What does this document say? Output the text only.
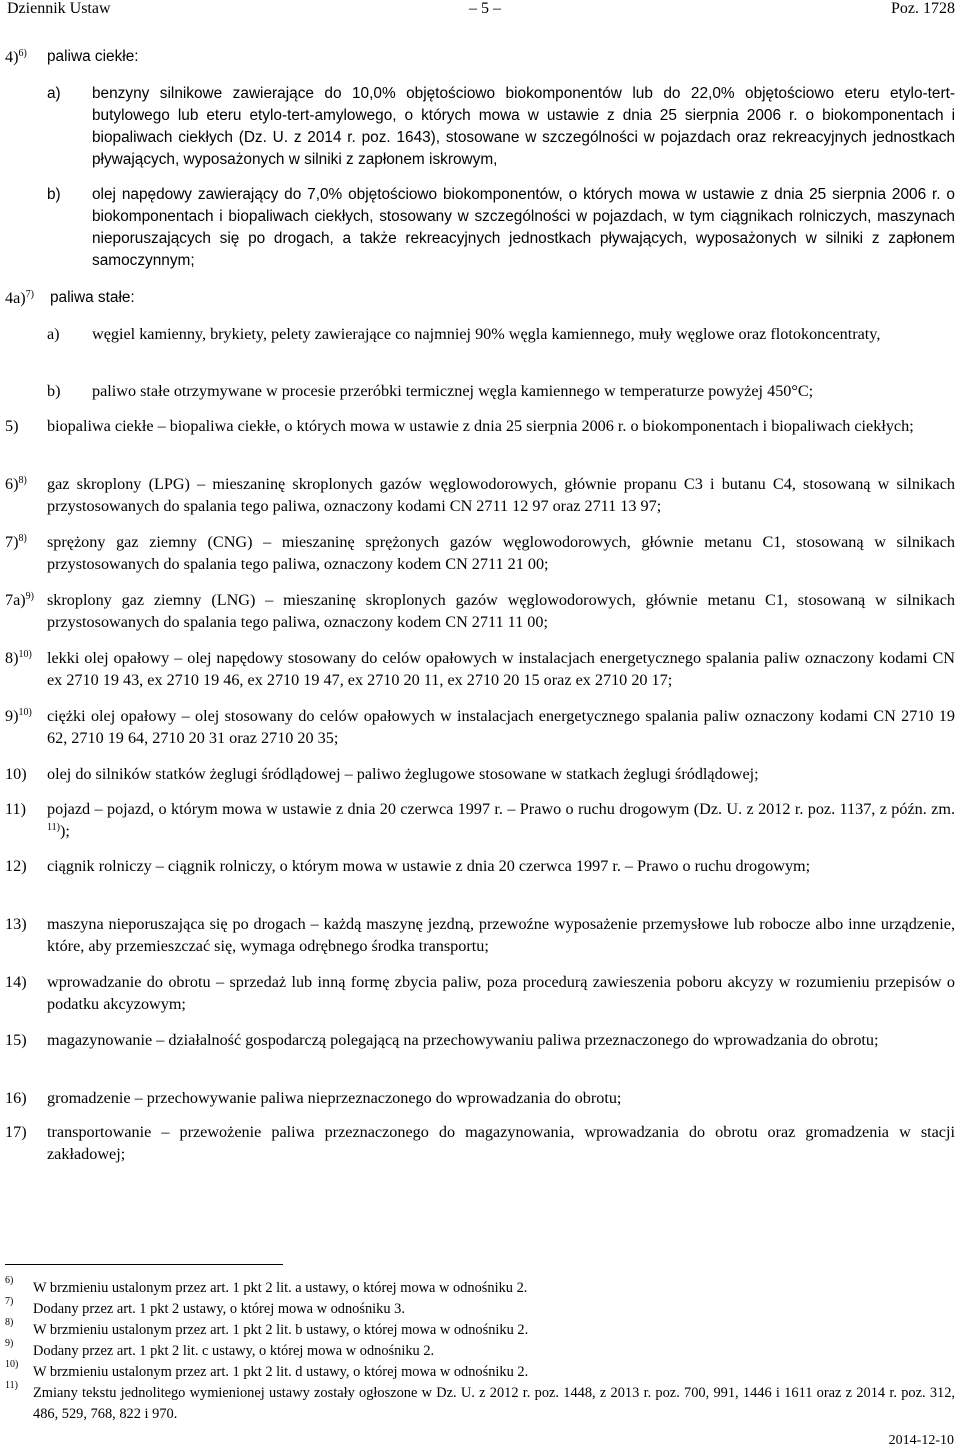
Dziennik Ustaw	– 5 –	Poz. 1728
4)$^{6)}$ paliwa ciekłe:
a) benzyny silnikowe zawierające do 10,0% objętościowo biokomponentów lub do 22,0% objętościowo eteru etylo-tert-butylowego lub eteru etylo-tert-amylowego, o których mowa w ustawie z dnia 25 sierpnia 2006 r. o biokomponentach i biopaliwach ciekłych (Dz. U. z 2014 r. poz. 1643), stosowane w szczególności w pojazdach oraz rekreacyjnych jednostkach pływających, wyposażonych w silniki z zapłonem iskrowym,
b) olej napędowy zawierający do 7,0% objętościowo biokomponentów, o których mowa w ustawie z dnia 25 sierpnia 2006 r. o biokomponentach i biopaliwach ciekłych, stosowany w szczególności w pojazdach, w tym ciągnikach rolniczych, maszynach nieporuszających się po drogach, a także rekreacyjnych jednostkach pływających, wyposażonych w silniki z zapłonem samoczynnym;
4a)$^{7)}$ paliwa stałe:
a) węgiel kamienny, brykiety, pelety zawierające co najmniej 90% węgla kamiennego, muły węglowe oraz flotokoncentraty,
b) paliwo stałe otrzymywane w procesie przeróbki termicznej węgla kamiennego w temperaturze powyżej 450°C;
5) biopaliwa ciekłe – biopaliwa ciekłe, o których mowa w ustawie z dnia 25 sierpnia 2006 r. o biokomponentach i biopaliwach ciekłych;
6)$^{8)}$ gaz skroplony (LPG) – mieszaninę skroplonych gazów węglowodorowych, głównie propanu C3 i butanu C4, stosowaną w silnikach przystosowanych do spalania tego paliwa, oznaczony kodami CN 2711 12 97 oraz 2711 13 97;
7)$^{8)}$ sprężony gaz ziemny (CNG) – mieszaninę sprężonych gazów węglowodorowych, głównie metanu C1, stosowaną w silnikach przystosowanych do spalania tego paliwa, oznaczony kodem CN 2711 21 00;
7a)$^{9)}$ skroplony gaz ziemny (LNG) – mieszaninę skroplonych gazów węglowodorowych, głównie metanu C1, stosowaną w silnikach przystosowanych do spalania tego paliwa, oznaczony kodem CN 2711 11 00;
8)$^{10)}$ lekki olej opałowy – olej napędowy stosowany do celów opałowych w instalacjach energetycznego spalania paliw oznaczony kodami CN ex 2710 19 43, ex 2710 19 46, ex 2710 19 47, ex 2710 20 11, ex 2710 20 15 oraz ex 2710 20 17;
9)$^{10)}$ ciężki olej opałowy – olej stosowany do celów opałowych w instalacjach energetycznego spalania paliw oznaczony kodami CN 2710 19 62, 2710 19 64, 2710 20 31 oraz 2710 20 35;
10) olej do silników statków żeglugi śródlądowej – paliwo żeglugowe stosowane w statkach żeglugi śródlądowej;
11) pojazd – pojazd, o którym mowa w ustawie z dnia 20 czerwca 1997 r. – Prawo o ruchu drogowym (Dz. U. z 2012 r. poz. 1137, z późn. zm. $^{11)}$);
12) ciągnik rolniczy – ciągnik rolniczy, o którym mowa w ustawie z dnia 20 czerwca 1997 r. – Prawo o ruchu drogowym;
13) maszyna nieporuszająca się po drogach – każdą maszynę jezdną, przewoźne wyposażenie przemysłowe lub robocze albo inne urządzenie, które, aby przemieszczać się, wymaga odrębnego środka transportu;
14) wprowadzanie do obrotu – sprzedaż lub inną formę zbycia paliw, poza procedurą zawieszenia poboru akcyzy w rozumieniu przepisów o podatku akcyzowym;
15) magazynowanie – działalność gospodarczą polegającą na przechowywaniu paliwa przeznaczonego do wprowadzania do obrotu;
16) gromadzenie – przechowywanie paliwa nieprzeznaczonego do wprowadzania do obrotu;
17) transportowanie – przewożenie paliwa przeznaczonego do magazynowania, wprowadzania do obrotu oraz gromadzenia w stacji zakładowej;
6) W brzmieniu ustalonym przez art. 1 pkt 2 lit. a ustawy, o której mowa w odnośniku 2.
7) Dodany przez art. 1 pkt 2 ustawy, o której mowa w odnośniku 3.
8) W brzmieniu ustalonym przez art. 1 pkt 2 lit. b ustawy, o której mowa w odnośniku 2.
9) Dodany przez art. 1 pkt 2 lit. c ustawy, o której mowa w odnośniku 2.
10) W brzmieniu ustalonym przez art. 1 pkt 2 lit. d ustawy, o której mowa w odnośniku 2.
11) Zmiany tekstu jednolitego wymienionej ustawy zostały ogłoszone w Dz. U. z 2012 r. poz. 1448, z 2013 r. poz. 700, 991, 1446 i 1611 oraz z 2014 r. poz. 312, 486, 529, 768, 822 i 970.
2014-12-10
